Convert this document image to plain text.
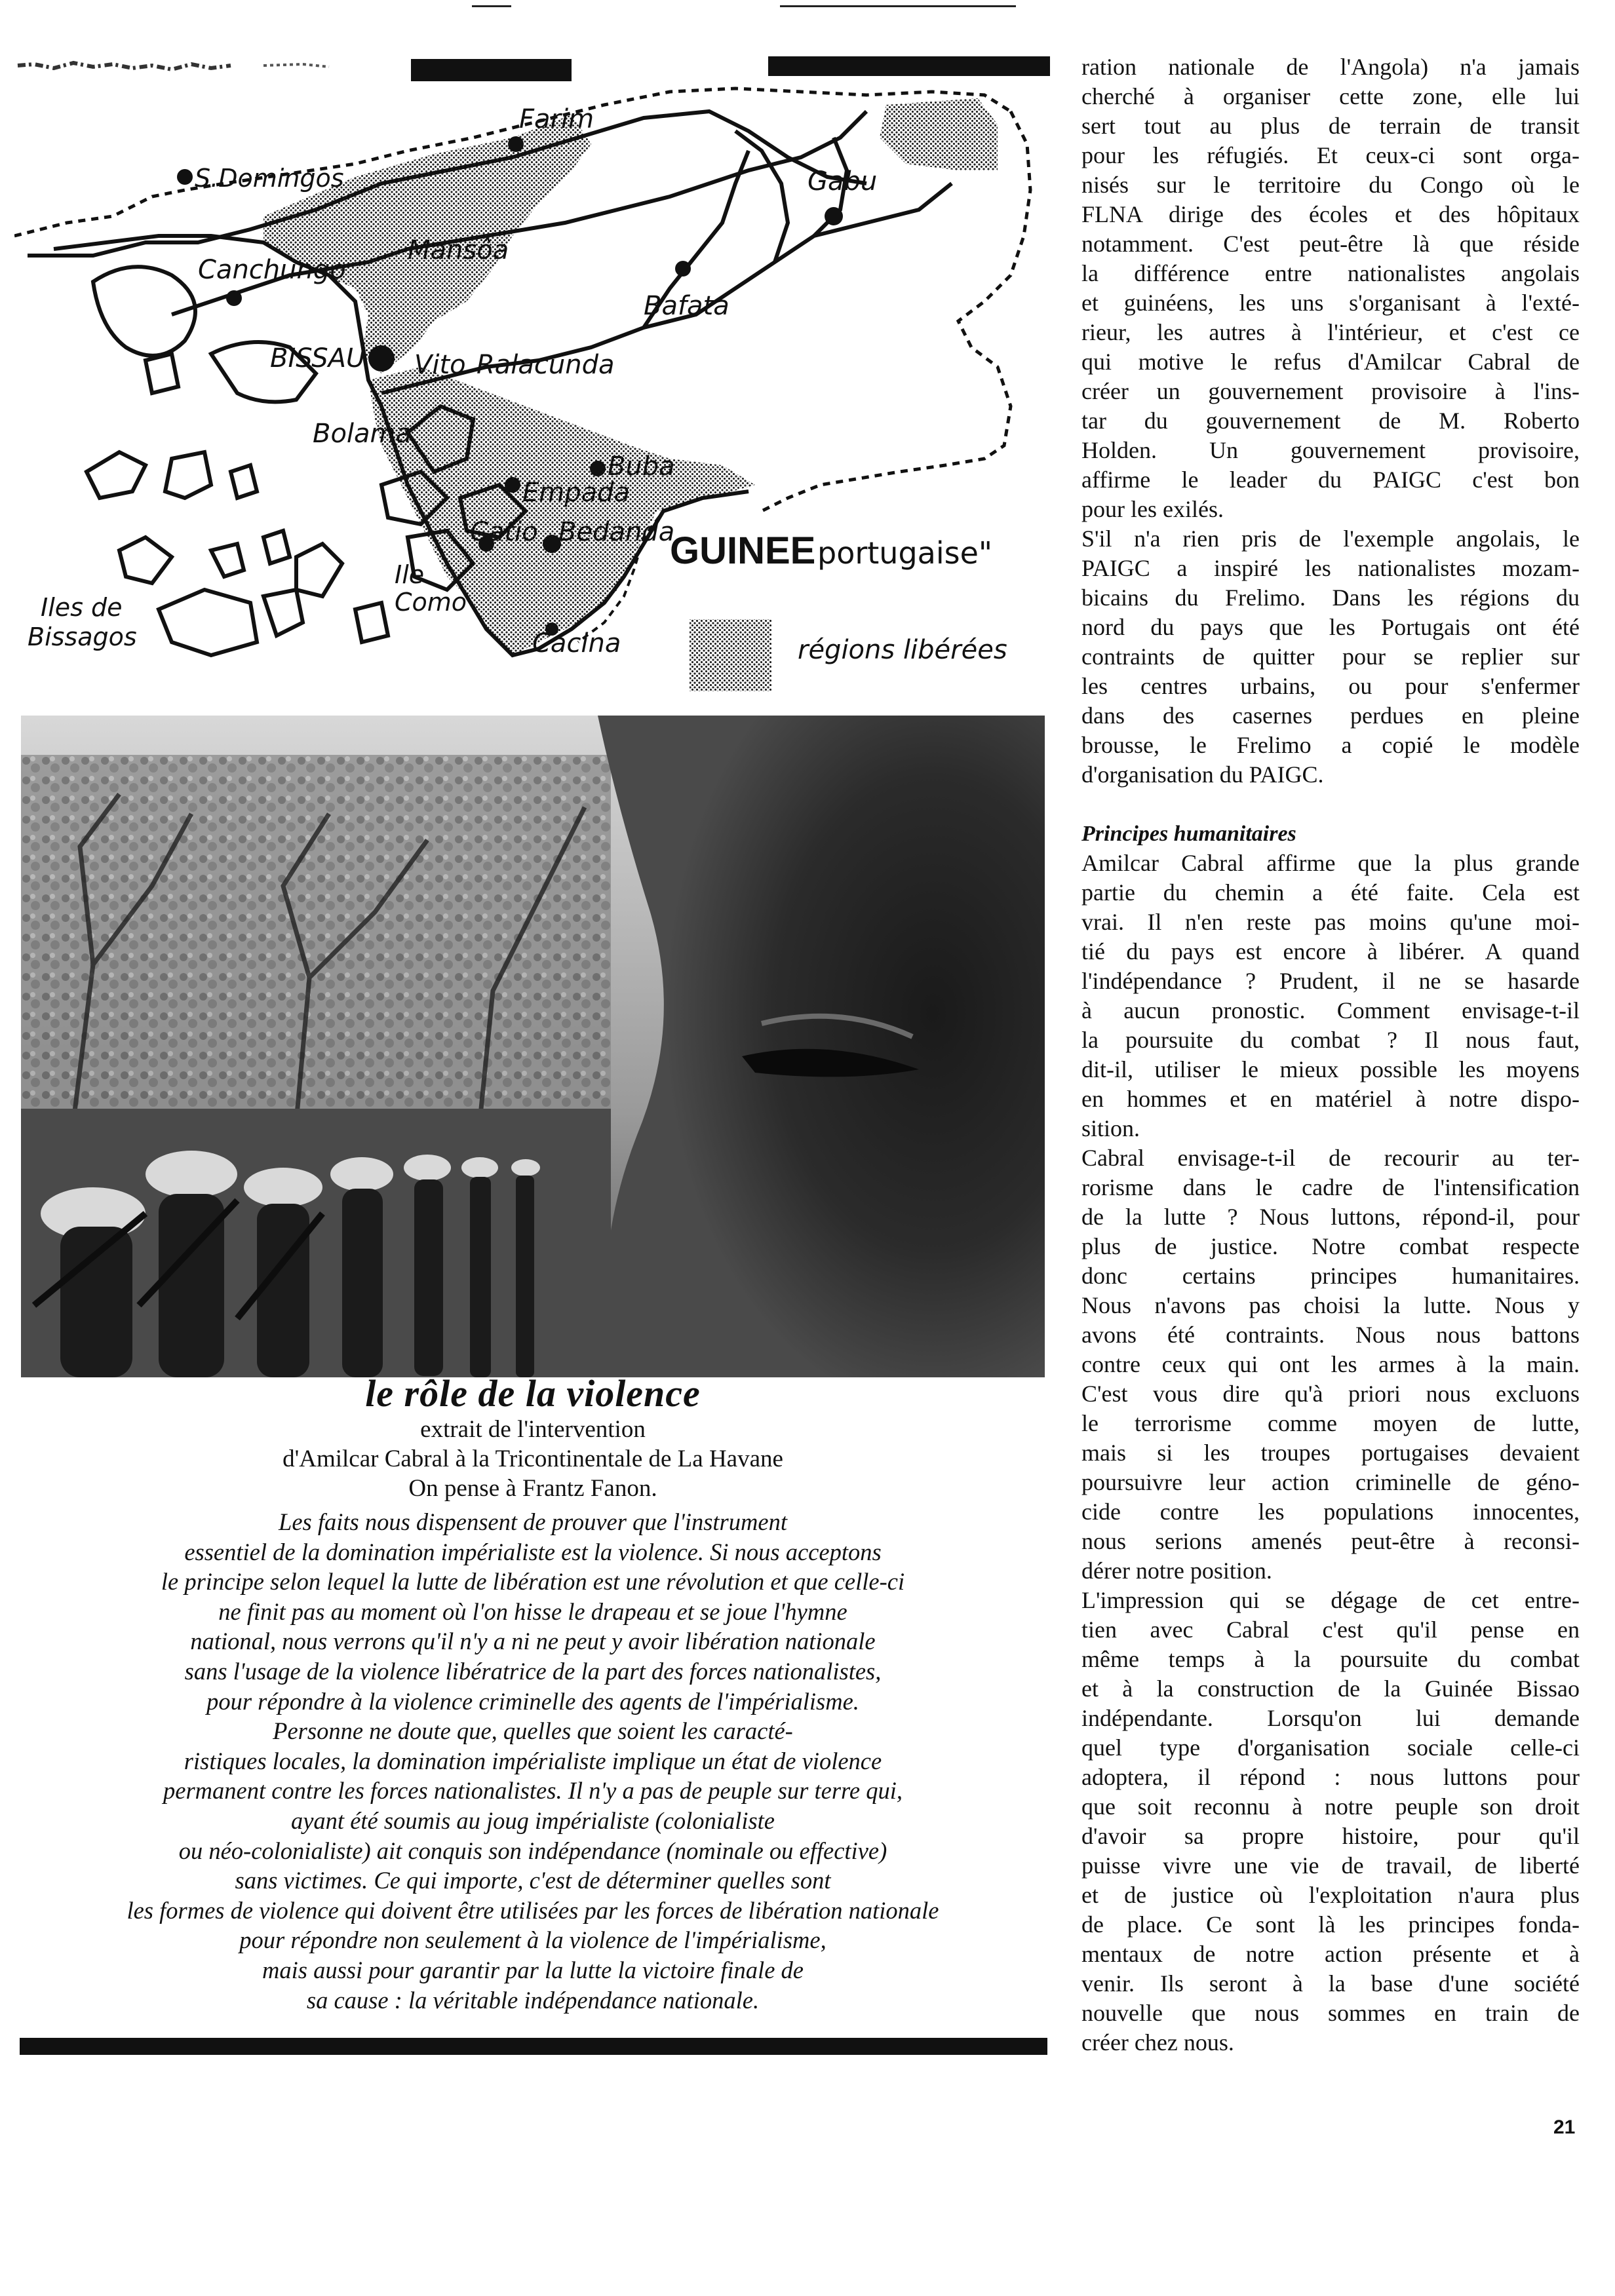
Farim
S.Domingos	Gabu
Mansôa
Canchungo
Bafata
BISSAU Vito Ralacunda
Bolama
Buba
Empada
Catio Bedanda
Ile
Como
Iles de
Bissagos	Cacina
GUINEE portugaise"
régions libérées
le rôle de la violence

extrait de l'intervention

d'Amilcar Cabral à la Tricontinentale de La Havane

On pense à Frantz Fanon.

Les faits nous dispensent de prouver que l'instrument

essentiel de la domination impérialiste est la violence. Si nous acceptons

le principe selon lequel la lutte de libération est une révolution et que celle-ci

ne finit pas au moment où l'on hisse le drapeau et se joue l'hymne

national, nous verrons qu'il n'y a ni ne peut y avoir libération nationale

sans l'usage de la violence libératrice de la part des forces nationalistes,

pour répondre à la violence criminelle des agents de l'impérialisme.

Personne ne doute que, quelles que soient les caracté-

ristiques locales, la domination impérialiste implique un état de violence

permanent contre les forces nationalistes. Il n'y a pas de peuple sur terre qui,

ayant été soumis au joug impérialiste (colonialiste

ou néo-colonialiste) ait conquis son indépendance (nominale ou effective)

sans victimes. Ce qui importe, c'est de déterminer quelles sont

les formes de violence qui doivent être utilisées par les forces de libération nationale

pour répondre non seulement à la violence de l'impérialisme,

mais aussi pour garantir par la lutte la victoire finale de

sa cause : la véritable indépendance nationale.

ration nationale de l'Angola) n'a jamais

cherché à organiser cette zone, elle lui

sert tout au plus de terrain de transit

pour les réfugiés. Et ceux-ci sont orga-

nisés sur le territoire du Congo où le

FLNA dirige des écoles et des hôpitaux

notamment. C'est peut-être là que réside

la différence entre nationalistes angolais

et guinéens, les uns s'organisant à l'exté-

rieur, les autres à l'intérieur, et c'est ce

qui motive le refus d'Amilcar Cabral de

créer un gouvernement provisoire à l'ins-

tar du gouvernement de M. Roberto

Holden. Un gouvernement provisoire,

affirme le leader du PAIGC c'est bon

pour les exilés.

S'il n'a rien pris de l'exemple angolais, le

PAIGC a inspiré les nationalistes mozam-

bicains du Frelimo. Dans les régions du

nord du pays que les Portugais ont été

contraints de quitter pour se replier sur

les centres urbains, ou pour s'enfermer

dans des casernes perdues en pleine

brousse, le Frelimo a copié le modèle

d'organisation du PAIGC.

Principes humanitaires

Amilcar Cabral affirme que la plus grande

partie du chemin a été faite. Cela est

vrai. Il n'en reste pas moins qu'une moi-

tié du pays est encore à libérer. A quand

l'indépendance ? Prudent, il ne se hasarde

à aucun pronostic. Comment envisage-t-il

la poursuite du combat ? Il nous faut,

dit-il, utiliser le mieux possible les moyens

en hommes et en matériel à notre dispo-

sition.

Cabral envisage-t-il de recourir au ter-

rorisme dans le cadre de l'intensification

de la lutte ? Nous luttons, répond-il, pour

plus de justice. Notre combat respecte

donc certains principes humanitaires.

Nous n'avons pas choisi la lutte. Nous y

avons été contraints. Nous nous battons

contre ceux qui ont les armes à la main.

C'est vous dire qu'à priori nous excluons

le terrorisme comme moyen de lutte,

mais si les troupes portugaises devaient

poursuivre leur action criminelle de géno-

cide contre les populations innocentes,

nous serions amenés peut-être à reconsi-

dérer notre position.

L'impression qui se dégage de cet entre-

tien avec Cabral c'est qu'il pense en

même temps à la poursuite du combat

et à la construction de la Guinée Bissao

indépendante. Lorsqu'on lui demande

quel type d'organisation sociale celle-ci

adoptera, il répond : nous luttons pour

que soit reconnu à notre peuple son droit

d'avoir sa propre histoire, pour qu'il

puisse vivre une vie de travail, de liberté

et de justice où l'exploitation n'aura plus

de place. Ce sont là les principes fonda-

mentaux de notre action présente et à

venir. Ils seront à la base d'une société

nouvelle que nous sommes en train de

créer chez nous.

21
